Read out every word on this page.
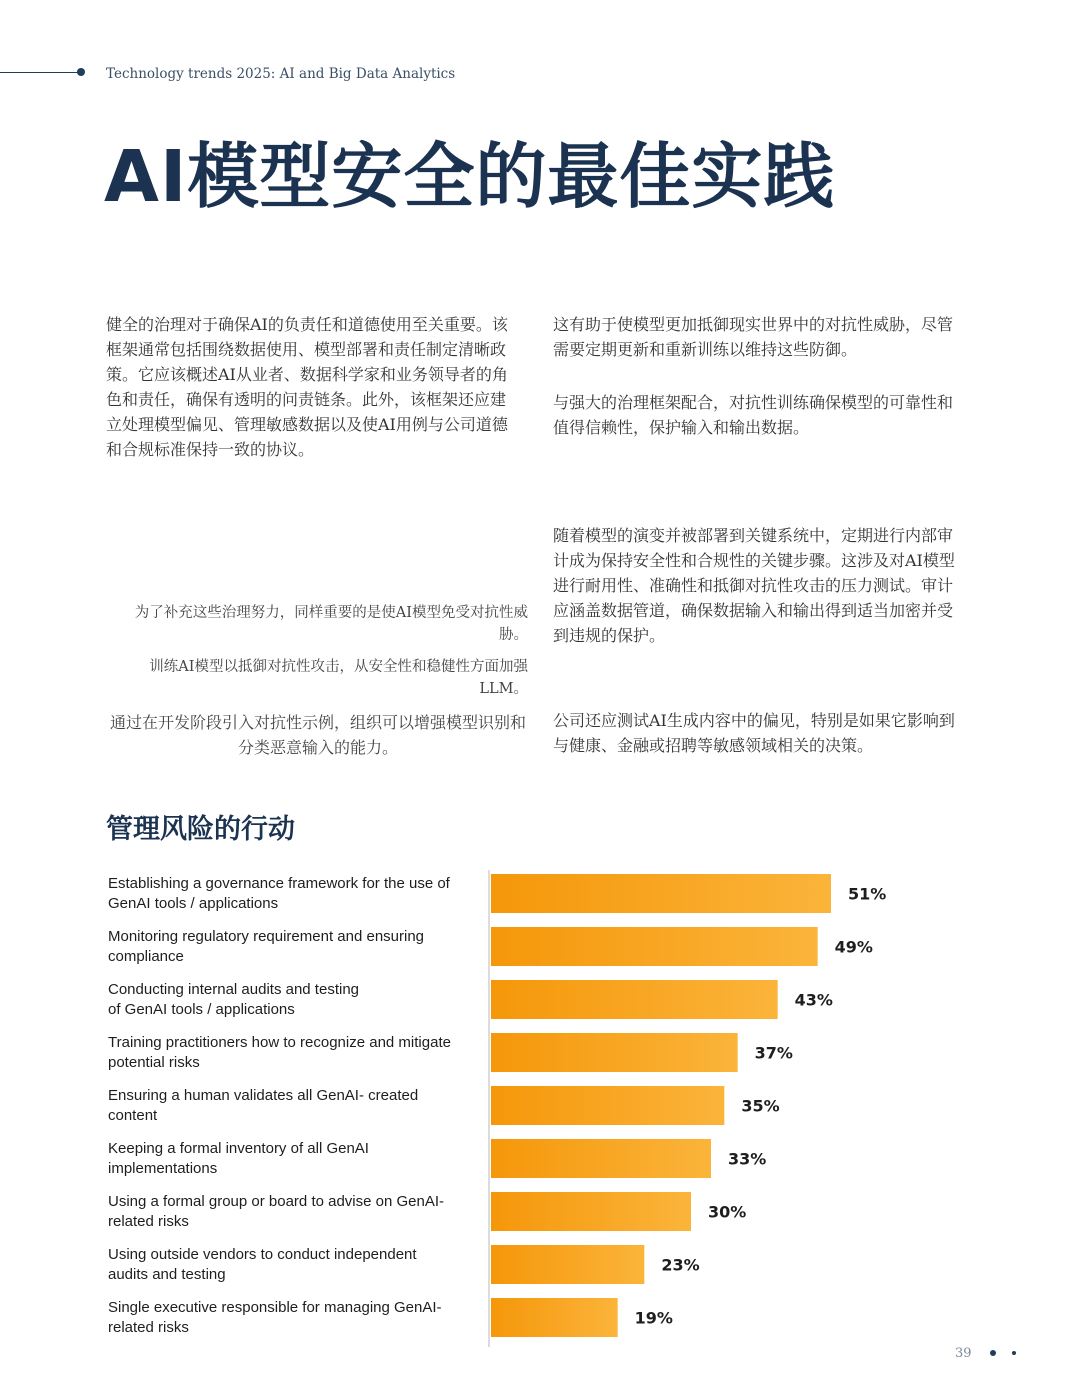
Technology trends 2025: AI and Big Data Analytics
AI模型安全的最佳实践

健全的治理对于确保AI的负责任和道德使用至关重要。该框架通常包括围绕数据使用、模型部署和责任制定清晰政策。它应该概述AI从业者、数据科学家和业务领导者的角色和责任，确保有透明的问责链条。此外，该框架还应建立处理模型偏见、管理敏感数据以及使AI用例与公司道德和合规标准保持一致的协议。

这有助于使模型更加抵御现实世界中的对抗性威胁，尽管需要定期更新和重新训练以维持这些防御。

与强大的治理框架配合，对抗性训练确保模型的可靠性和值得信赖性，保护输入和输出数据。

随着模型的演变并被部署到关键系统中，定期进行内部审计成为保持安全性和合规性的关键步骤。这涉及对AI模型进行耐用性、准确性和抵御对抗性攻击的压力测试。审计应涵盖数据管道，确保数据输入和输出得到适当加密并受到违规的保护。

公司还应测试AI生成内容中的偏见，特别是如果它影响到与健康、金融或招聘等敏感领域相关的决策。

为了补充这些治理努力，同样重要的是使AI模型免受对抗性威胁。

训练AI模型以抵御对抗性攻击，从安全性和稳健性方面加强LLM。

通过在开发阶段引入对抗性示例，组织可以增强模型识别和分类恶意输入的能力。

管理风险的行动
51%
Establishing a governance framework for the use of
GenAI tools / applications
49%
Monitoring regulatory requirement and ensuring
compliance
43%
Conducting internal audits and testing
of GenAI tools / applications
37%
Training practitioners how to recognize and mitigate
potential risks
35%
Ensuring a human validates all GenAI- created
content
33%
Keeping a formal inventory of all GenAI
implementations
30%
Using a formal group or board to advise on GenAI-
related risks
23%
Using outside vendors to conduct independent
audits and testing
19%
Single executive responsible for managing GenAI-
related risks
39
